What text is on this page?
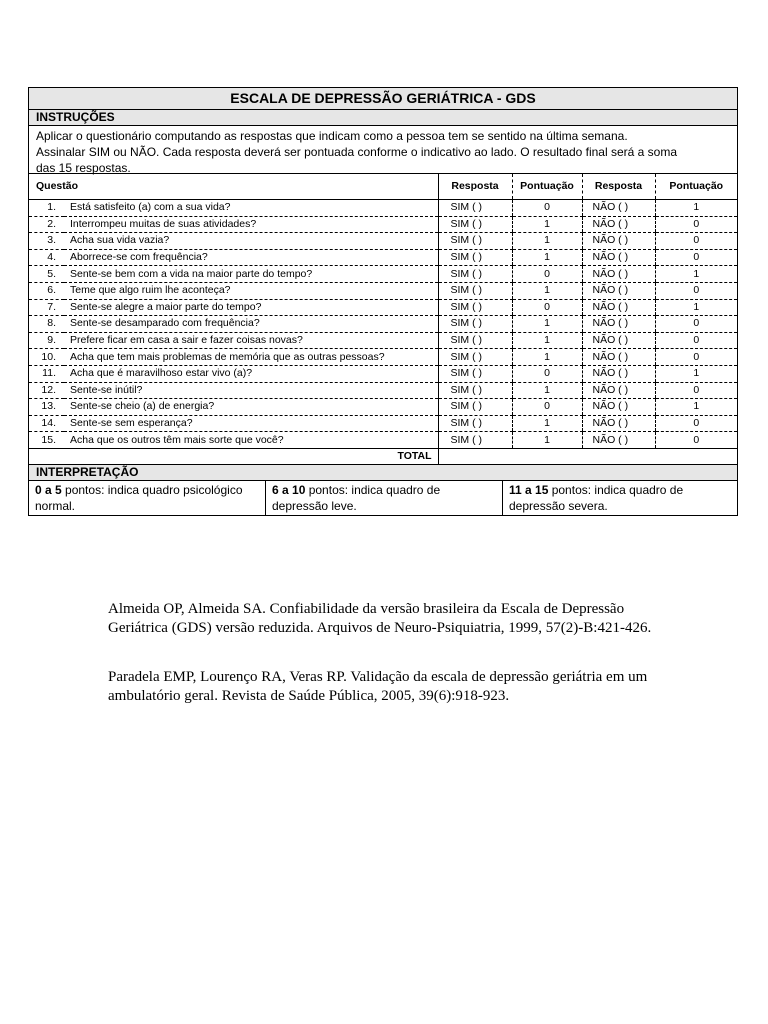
ESCALA DE DEPRESSÃO GERIÁTRICA - GDS
INSTRUÇÕES
Aplicar o questionário computando as respostas que indicam como a pessoa tem se sentido na última semana.
Assinalar SIM ou NÃO. Cada resposta deverá ser pontuada conforme o indicativo ao lado. O resultado final será a soma
das 15 respostas.
Questão		Resposta	Pontuação	Resposta	Pontuação
1.	Está satisfeito (a) com a sua vida?	SIM ( )	0	NÃO ( )	1
2.	Interrompeu muitas de suas atividades?	SIM ( )	1	NÃO ( )	0
3.	Acha sua vida vazia?	SIM ( )	1	NÃO ( )	0
4.	Aborrece-se com frequência?	SIM ( )	1	NÃO ( )	0
5.	Sente-se bem com a vida na maior parte do tempo?	SIM ( )	0	NÃO ( )	1
6.	Teme que algo ruim lhe aconteça?	SIM ( )	1	NÃO ( )	0
7.	Sente-se alegre a maior parte do tempo?	SIM ( )	0	NÃO ( )	1
8.	Sente-se desamparado com frequência?	SIM ( )	1	NÃO ( )	0
9.	Prefere ficar em casa a sair e fazer coisas novas?	SIM ( )	1	NÃO ( )	0
10.	Acha que tem mais problemas de memória que as outras pessoas?	SIM ( )	1	NÃO ( )	0
11.	Acha que é maravilhoso estar vivo (a)?	SIM ( )	0	NÃO ( )	1
12.	Sente-se inútil?	SIM ( )	1	NÃO ( )	0
13.	Sente-se cheio (a) de energia?	SIM ( )	0	NÃO ( )	1
14.	Sente-se sem esperança?	SIM ( )	1	NÃO ( )	0
15.	Acha que os outros têm mais sorte que você?	SIM ( )	1	NÃO ( )	0
TOTAL					
INTERPRETAÇÃO
0 a 5 pontos: indica quadro psicológico normal.
6 a 10 pontos: indica quadro de depressão leve.
11 a 15 pontos: indica quadro de depressão severa.
Almeida OP, Almeida SA. Confiabilidade da versão brasileira da Escala de Depressão Geriátrica (GDS) versão reduzida. Arquivos de Neuro-Psiquiatria, 1999, 57(2)-B:421-426.
Paradela EMP, Lourenço RA, Veras RP. Validação da escala de depressão geriátria em um ambulatório geral. Revista de Saúde Pública, 2005, 39(6):918-923.
